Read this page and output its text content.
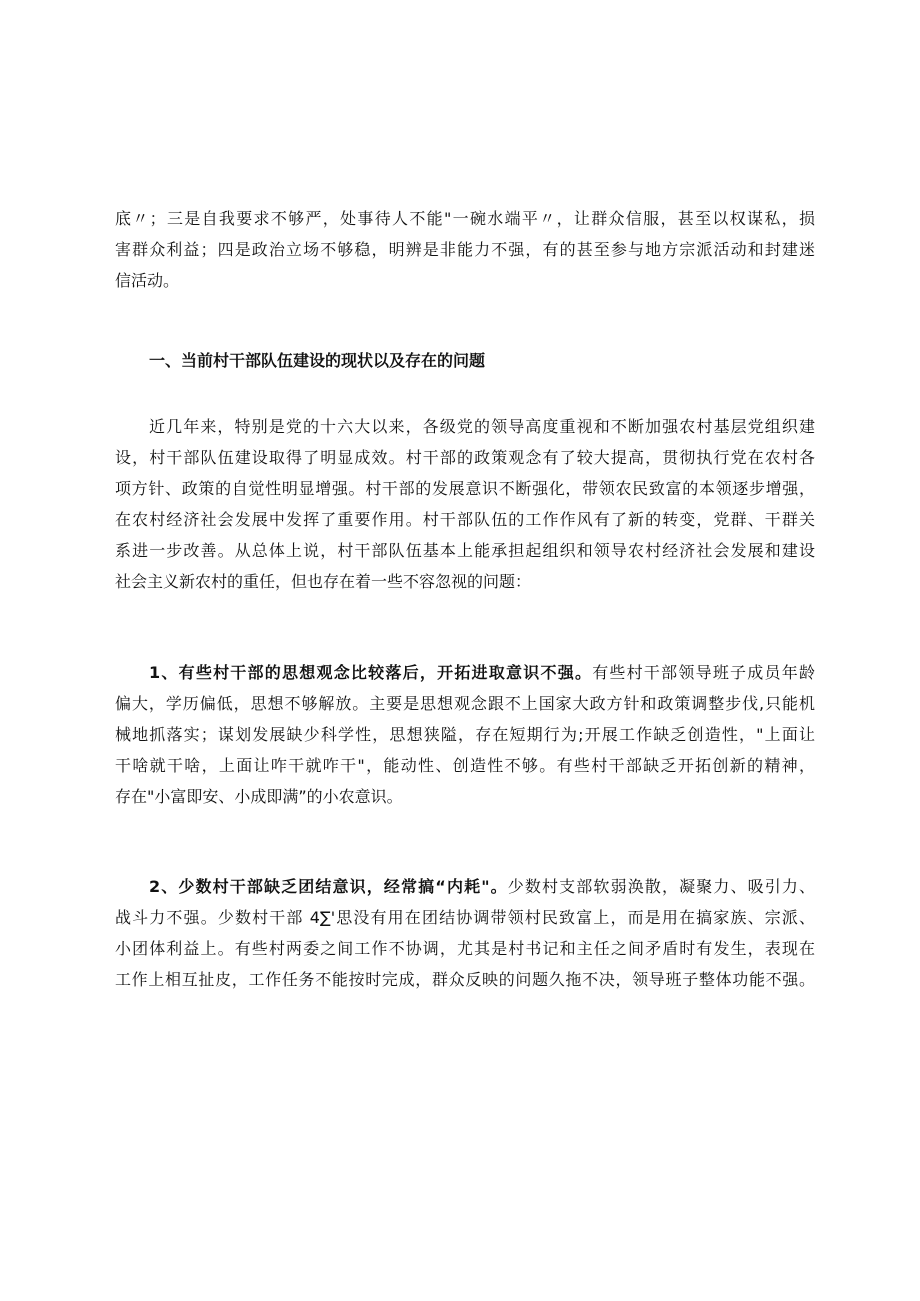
底〃；三是自我要求不够严，处事待人不能"一碗水端平〃，让群众信服，甚至以权谋私，损
害群众利益；四是政治立场不够稳，明辨是非能力不强，有的甚至参与地方宗派活动和封建迷
信活动。
一、当前村干部队伍建设的现状以及存在的问题
近几年来，特别是党的十六大以来，各级党的领导高度重视和不断加强农村基层党组织建
设，村干部队伍建设取得了明显成效。村干部的政策观念有了较大提高，贯彻执行党在农村各
项方针、政策的自觉性明显增强。村干部的发展意识不断强化，带领农民致富的本领逐步增强，
在农村经济社会发展中发挥了重要作用。村干部队伍的工作作风有了新的转变，党群、干群关
系进一步改善。从总体上说，村干部队伍基本上能承担起组织和领导农村经济社会发展和建设
社会主义新农村的重任，但也存在着一些不容忽视的问题：
1、有些村干部的思想观念比较落后，开拓进取意识不强。有些村干部领导班子成员年龄
偏大，学历偏低，思想不够解放。主要是思想观念跟不上国家大政方针和政策调整步伐,只能机
械地抓落实；谋划发展缺少科学性，思想狭隘，存在短期行为;开展工作缺乏创造性，"上面让
干啥就干啥，上面让咋干就咋干"，能动性、创造性不够。有些村干部缺乏开拓创新的精神，
存在"小富即安、小成即满”的小农意识。
2、少数村干部缺乏团结意识，经常搞“内耗"。少数村支部软弱涣散，凝聚力、吸引力、
战斗力不强。少数村干部 4∑'思没有用在团结协调带领村民致富上，而是用在搞家族、宗派、
小团体利益上。有些村两委之间工作不协调，尤其是村书记和主任之间矛盾时有发生，表现在
工作上相互扯皮，工作任务不能按时完成，群众反映的问题久拖不决，领导班子整体功能不强。
